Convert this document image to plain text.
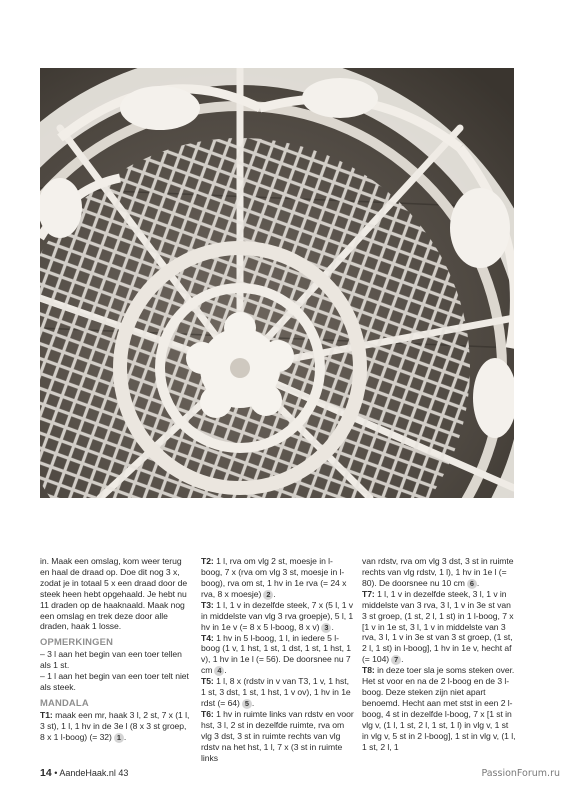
in. Maak een omslag, kom weer terug en haal de draad op. Doe dit nog 3 x, zodat je in totaal 5 x een draad door de steek heen hebt opgehaald. Je hebt nu 11 draden op de haaknaald. Maak nog een omslag en trek deze door alle draden, haak 1 losse.

OPMERKINGEN

– 3 l aan het begin van een toer tellen als 1 st.

– 1 l aan het begin van een toer telt niet als steek.

MANDALA

T1: maak een mr, haak 3 l, 2 st, 7 x (1 l, 3 st), 1 l, 1 hv in de 3e l (8 x 3 st groep, 8 x 1 l-boog) (= 32) 1 .

T2: 1 l, rva om vlg 2 st, moesje in l-boog, 7 x (rva om vlg 3 st, moesje in l-boog), rva om st, 1 hv in 1e rva (= 24 x rva, 8 x moesje) 2 .

T3: 1 l, 1 v in dezelfde steek, 7 x (5 l, 1 v in middelste van vlg 3 rva groepje), 5 l, 1 hv in 1e v (= 8 x 5 l-boog, 8 x v) 3 .

T4: 1 hv in 5 l-boog, 1 l, in iedere 5 l-boog (1 v, 1 hst, 1 st, 1 dst, 1 st, 1 hst, 1 v), 1 hv in 1e l (= 56). De doorsnee nu 7 cm 4 .

T5: 1 l, 8 x (rdstv in v van T3, 1 v, 1 hst, 1 st, 3 dst, 1 st, 1 hst, 1 v ov), 1 hv in 1e rdst (= 64) 5 .

T6: 1 hv in ruimte links van rdstv en voor hst, 3 l, 2 st in dezelfde ruimte, rva om vlg 3 dst, 3 st in ruimte rechts van vlg rdstv na het hst, 1 l, 7 x (3 st in ruimte links

van rdstv, rva om vlg 3 dst, 3 st in ruimte rechts van vlg rdstv, 1 l), 1 hv in 1e l (= 80). De doorsnee nu 10 cm 6 .

T7: 1 l, 1 v in dezelfde steek, 3 l, 1 v in middelste van 3 rva, 3 l, 1 v in 3e st van 3 st groep, (1 st, 2 l, 1 st) in 1 l-boog, 7 x [1 v in 1e st, 3 l, 1 v in middelste van 3 rva, 3 l, 1 v in 3e st van 3 st groep, (1 st, 2 l, 1 st) in l-boog], 1 hv in 1e v, hecht af (= 104) 7 .

T8: in deze toer sla je soms steken over. Het st voor en na de 2 l-boog en de 3 l-boog. Deze steken zijn niet apart benoemd. Hecht aan met stst in een 2 l-boog, 4 st in dezelfde l-boog, 7 x [1 st in vlg v, (1 l, 1 st, 2 l, 1 st, 1 l) in vlg v, 1 st in vlg v, 5 st in 2 l-boog], 1 st in vlg v, (1 l, 1 st, 2 l, 1

14 • AandeHaak.nl 43	PassionForum.ru
